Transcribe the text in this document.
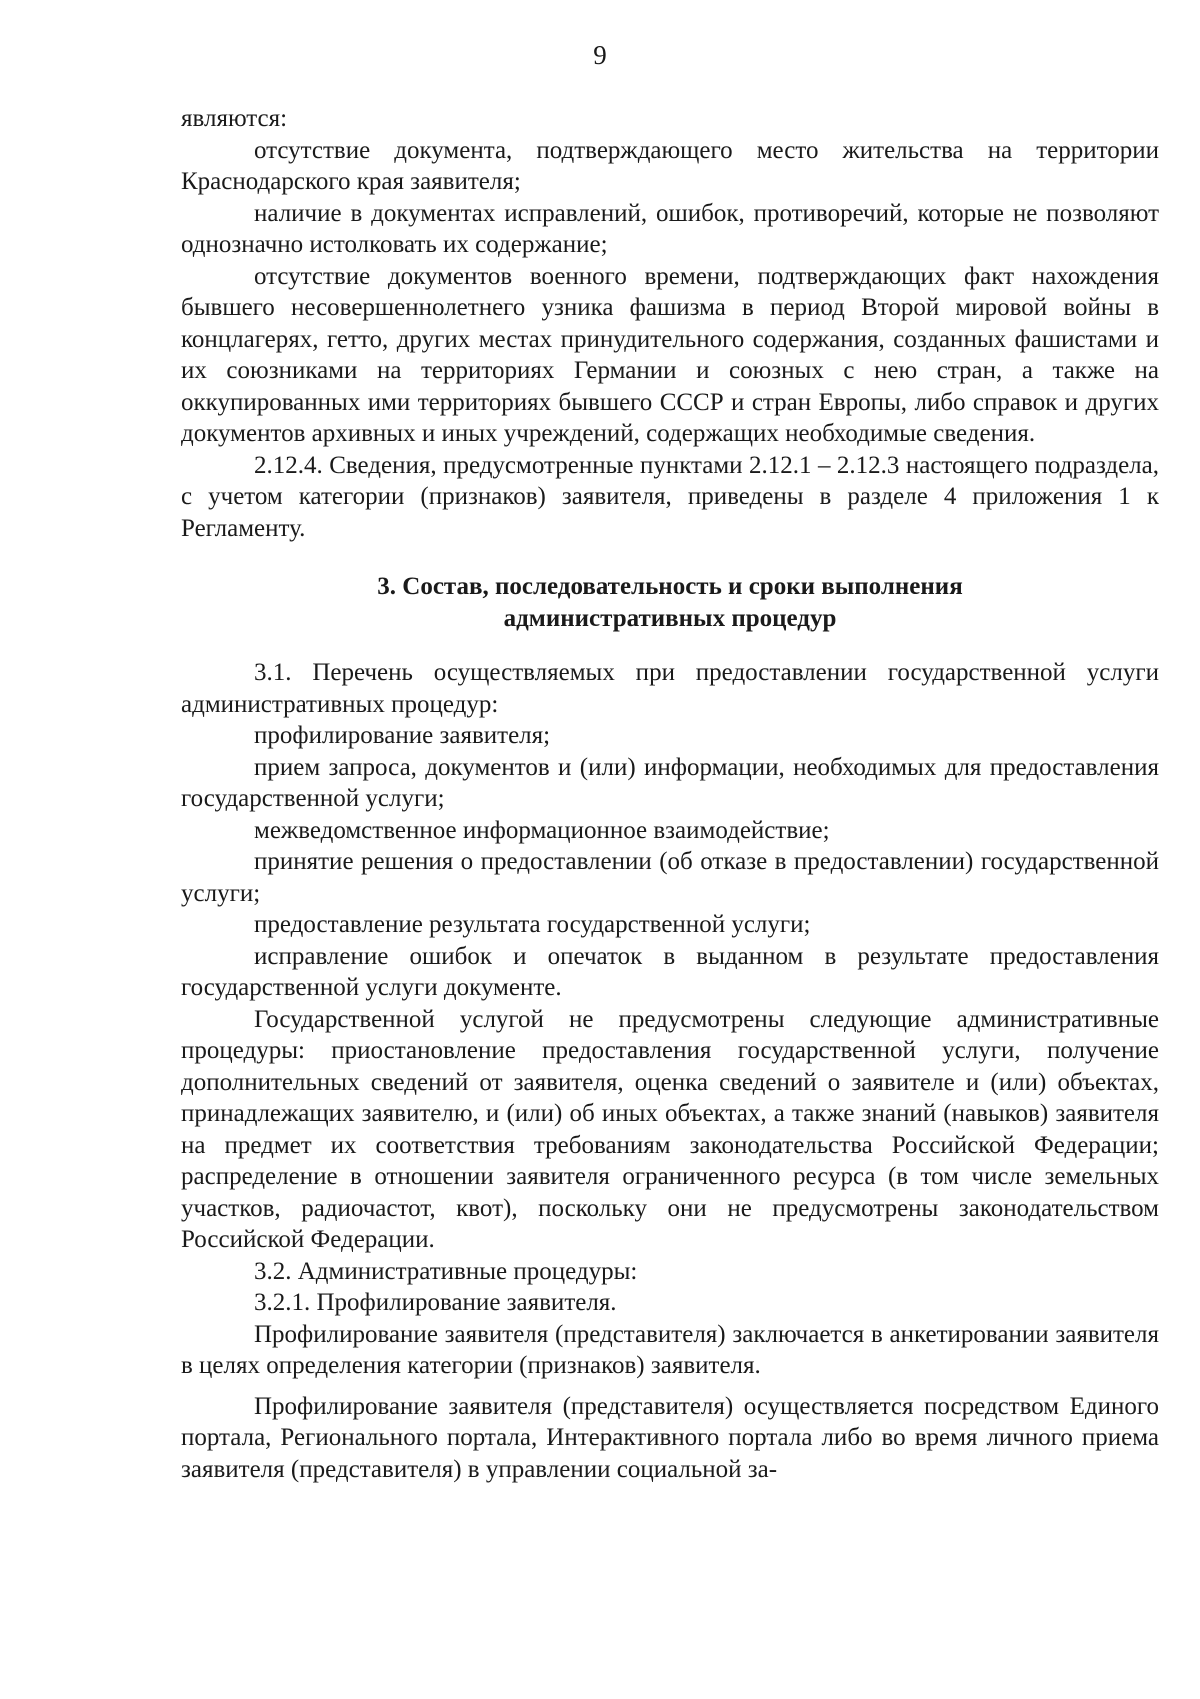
9

являются:

отсутствие документа, подтверждающего место жительства на территории Краснодарского края заявителя;

наличие в документах исправлений, ошибок, противоречий, которые не позволяют однозначно истолковать их содержание;

отсутствие документов военного времени, подтверждающих факт нахождения бывшего несовершеннолетнего узника фашизма в период Второй мировой войны в концлагерях, гетто, других местах принудительного содержания, созданных фашистами и их союзниками на территориях Германии и союзных с нею стран, а также на оккупированных ими территориях бывшего СССР и стран Европы, либо справок и других документов архивных и иных учреждений, содержащих необходимые сведения.

2.12.4. Сведения, предусмотренные пунктами 2.12.1 – 2.12.3 настоящего подраздела, с учетом категории (признаков) заявителя, приведены в разделе 4 приложения 1 к Регламенту.

3. Состав, последовательность и сроки выполнения

административных процедур

3.1. Перечень осуществляемых при предоставлении государственной услуги административных процедур:

профилирование заявителя;

прием запроса, документов и (или) информации, необходимых для предоставления государственной услуги;

межведомственное информационное взаимодействие;

принятие решения о предоставлении (об отказе в предоставлении) государственной услуги;

предоставление результата государственной услуги;

исправление ошибок и опечаток в выданном в результате предоставления государственной услуги документе.

Государственной услугой не предусмотрены следующие административные процедуры: приостановление предоставления государственной услуги, получение дополнительных сведений от заявителя, оценка сведений о заявителе и (или) объектах, принадлежащих заявителю, и (или) об иных объектах, а также знаний (навыков) заявителя на предмет их соответствия требованиям законодательства Российской Федерации; распределение в отношении заявителя ограниченного ресурса (в том числе земельных участков, радиочастот, квот), поскольку они не предусмотрены законодательством Российской Федерации.

3.2. Административные процедуры:

3.2.1. Профилирование заявителя.

Профилирование заявителя (представителя) заключается в анкетировании заявителя в целях определения категории (признаков) заявителя.

Профилирование заявителя (представителя) осуществляется посредством Единого портала, Регионального портала, Интерактивного портала либо во время личного приема заявителя (представителя) в управлении социальной за-
